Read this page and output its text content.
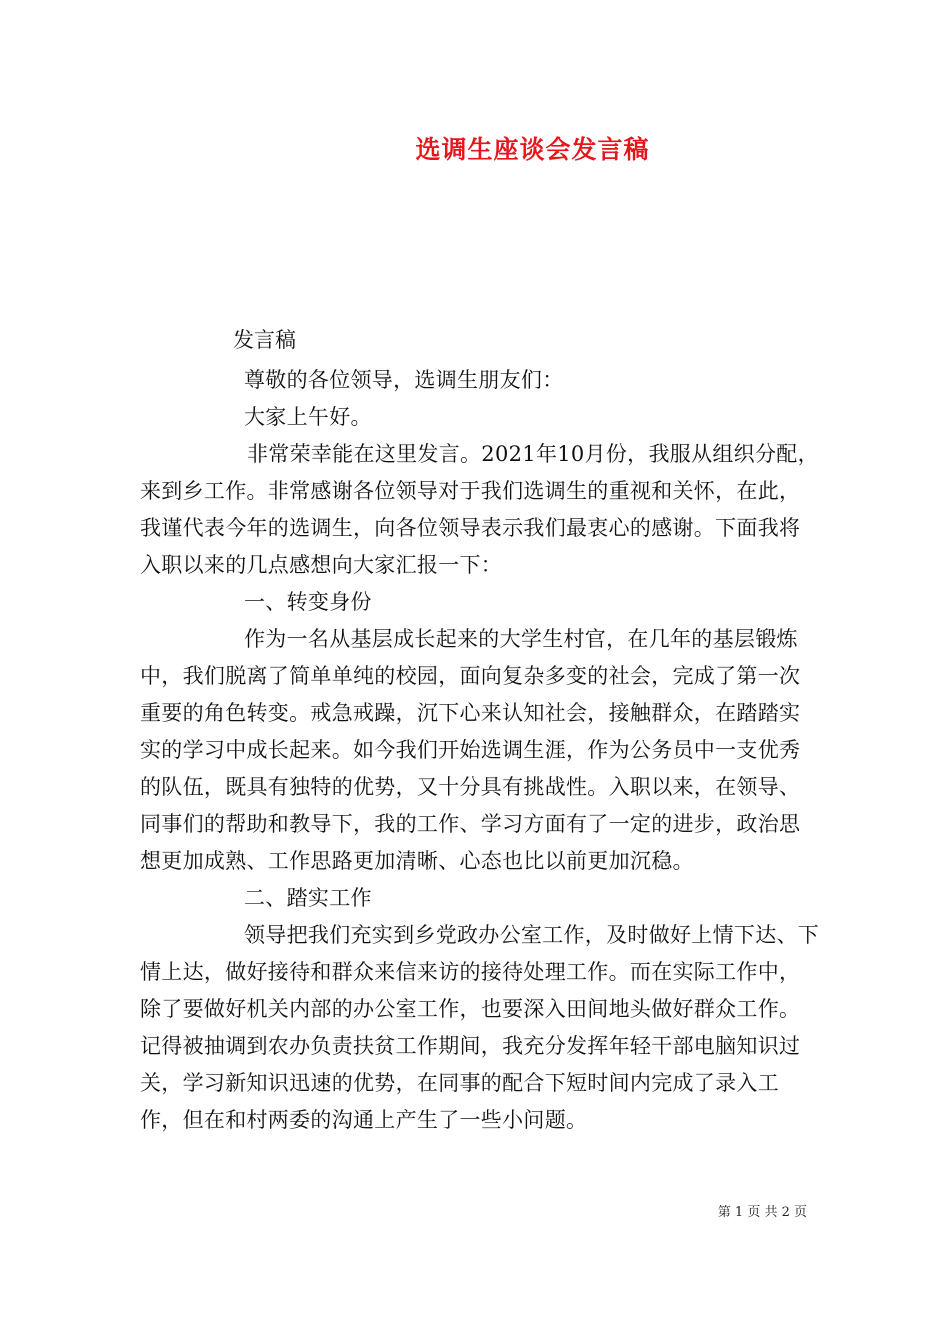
选调生座谈会发言稿
发言稿

尊敬的各位领导，选调生朋友们：

大家上午好。

非常荣幸能在这里发言。2021年10月份，我服从组织分配，来到乡工作。非常感谢各位领导对于我们选调生的重视和关怀，在此，我谨代表今年的选调生，向各位领导表示我们最衷心的感谢。下面我将入职以来的几点感想向大家汇报一下：

一、转变身份

作为一名从基层成长起来的大学生村官，在几年的基层锻炼中，我们脱离了简单单纯的校园，面向复杂多变的社会，完成了第一次重要的角色转变。戒急戒躁，沉下心来认知社会，接触群众，在踏踏实实的学习中成长起来。如今我们开始选调生涯，作为公务员中一支优秀的队伍，既具有独特的优势，又十分具有挑战性。入职以来，在领导、同事们的帮助和教导下，我的工作、学习方面有了一定的进步，政治思想更加成熟、工作思路更加清晰、心态也比以前更加沉稳。

二、踏实工作

领导把我们充实到乡党政办公室工作，及时做好上情下达、下情上达，做好接待和群众来信来访的接待处理工作。而在实际工作中，除了要做好机关内部的办公室工作，也要深入田间地头做好群众工作。记得被抽调到农办负责扶贫工作期间，我充分发挥年轻干部电脑知识过关，学习新知识迅速的优势，在同事的配合下短时间内完成了录入工作，但在和村两委的沟通上产生了一些小问题。

第 1 页 共 2 页
